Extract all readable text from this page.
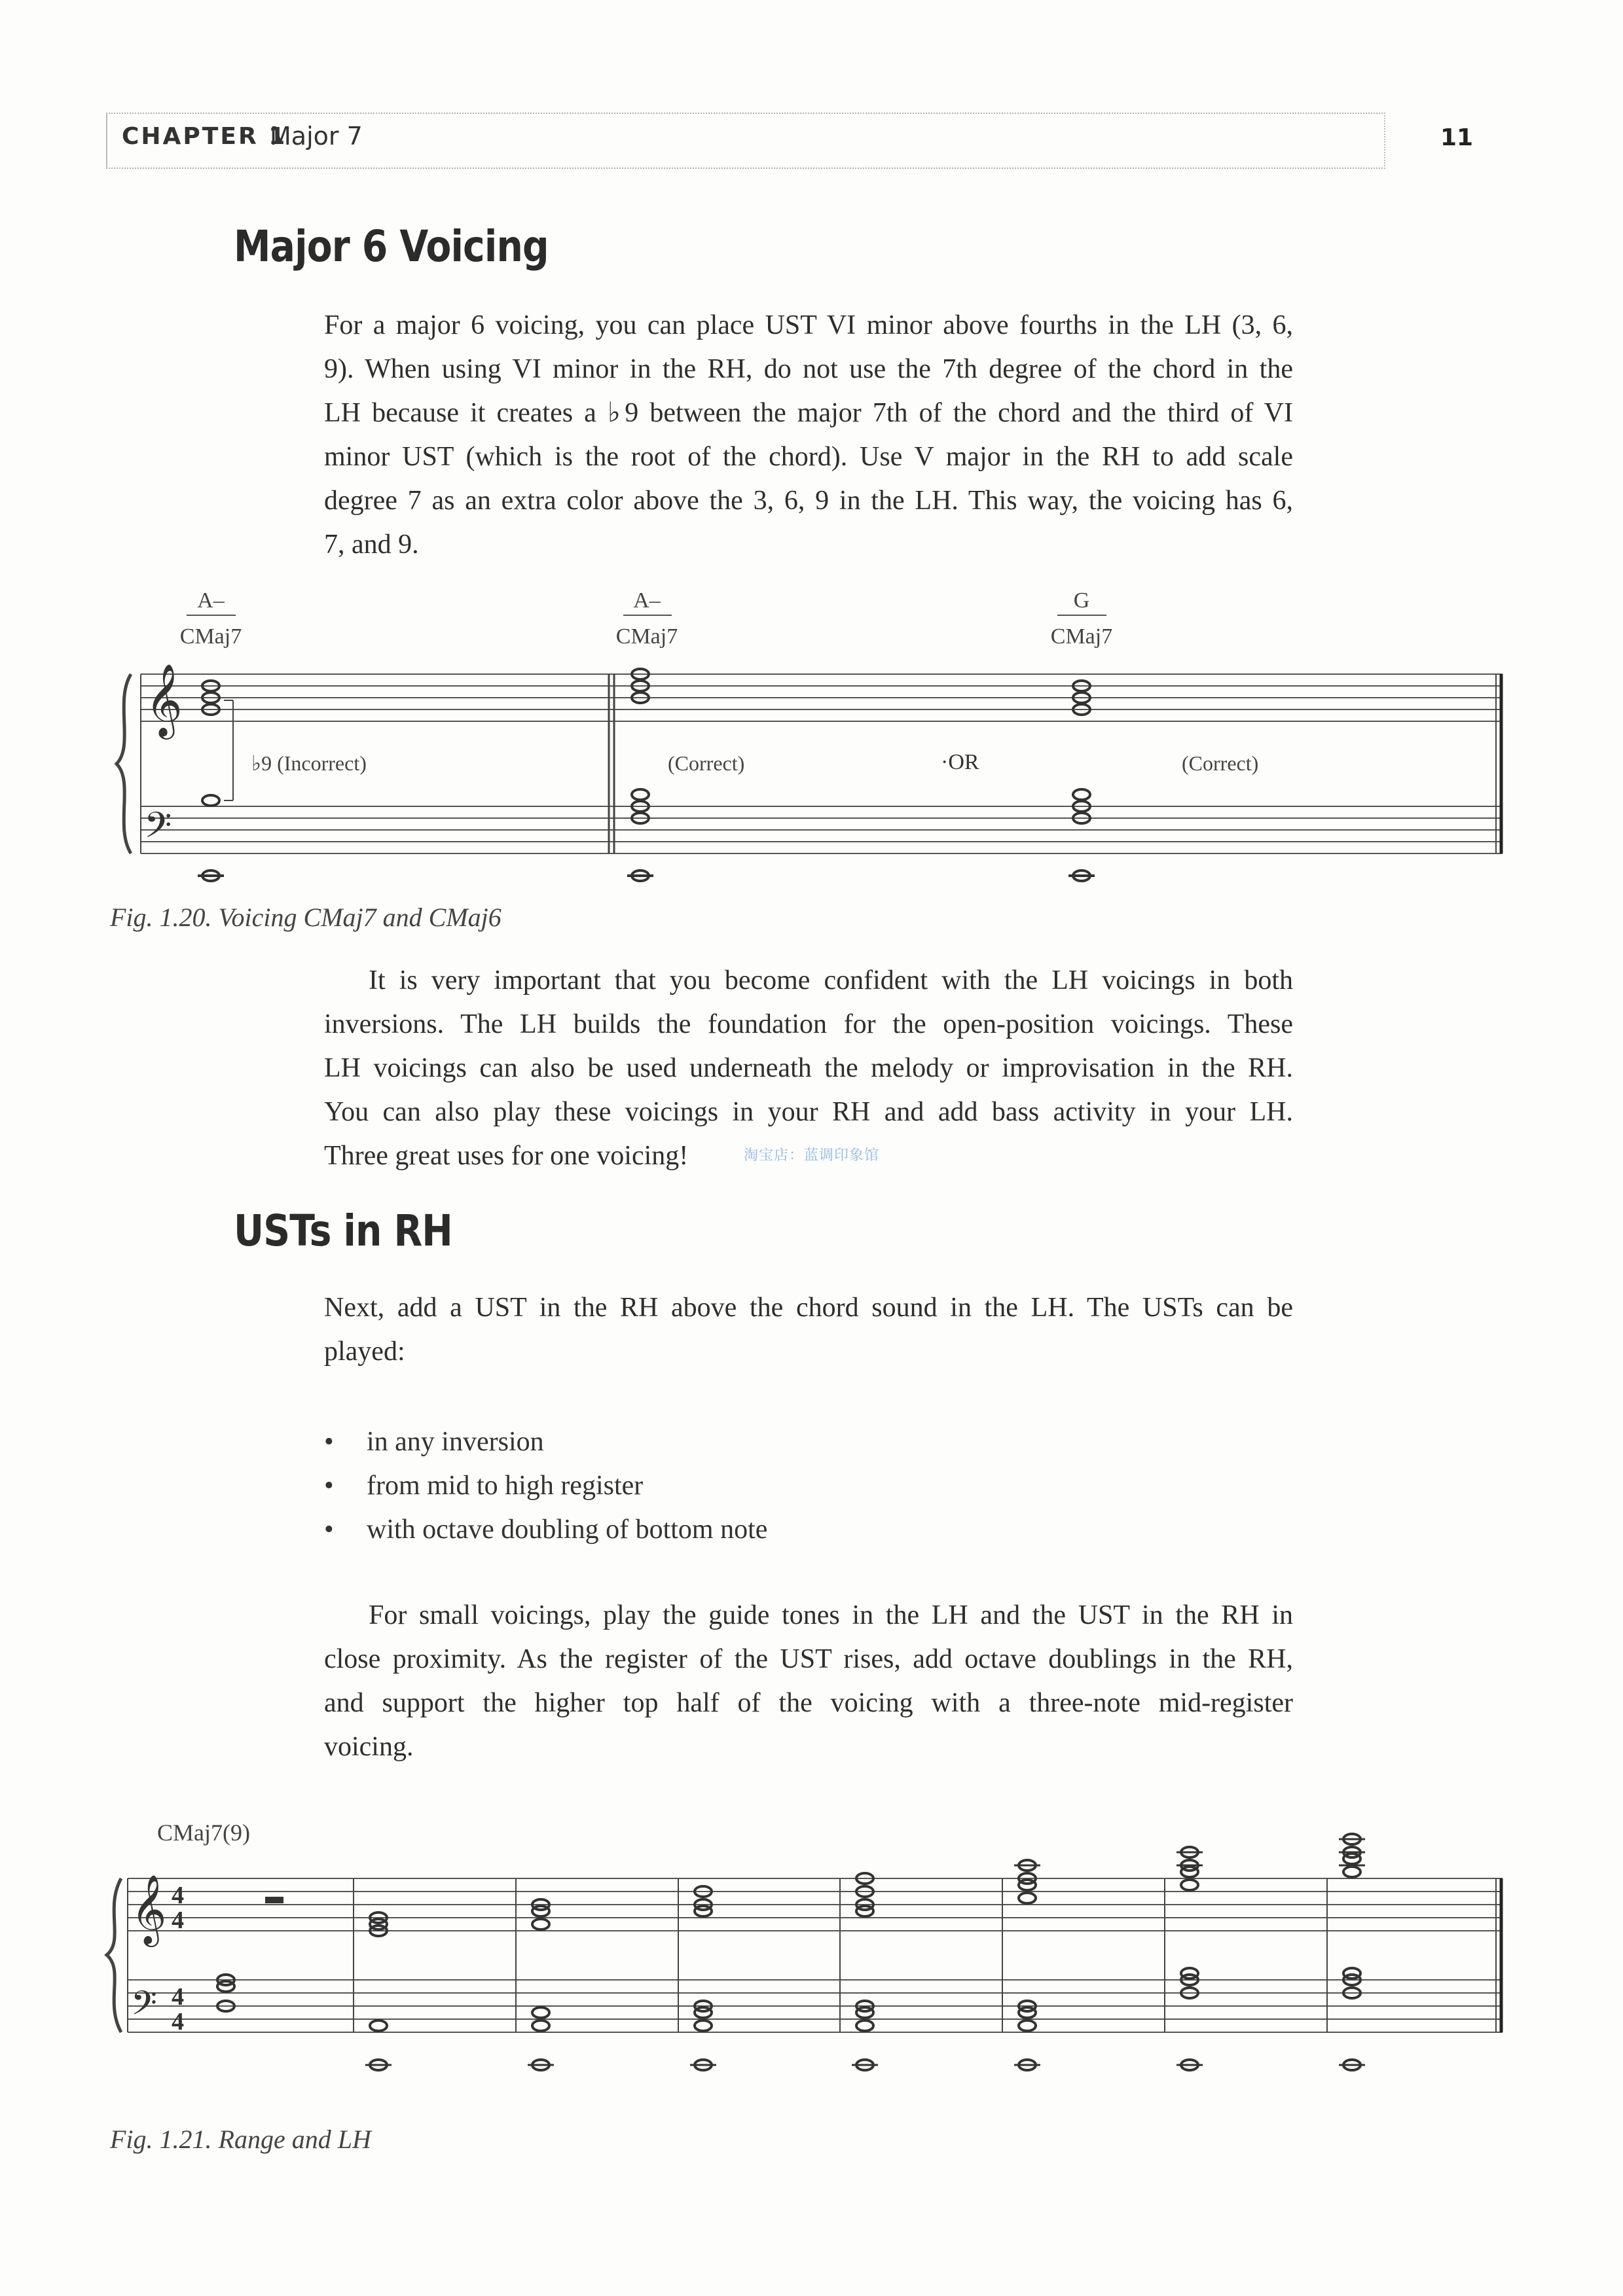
CHAPTER 1
Major 7	11
Major 6 Voicing
For a major 6 voicing, you can place UST VI minor above fourths in the LH (3, 6,
9). When using VI minor in the RH, do not use the 7th degree of the chord in the
LH because it creates a ♭9 between the major 7th of the chord and the third of VI
minor UST (which is the root of the chord). Use V major in the RH to add scale
degree 7 as an extra color above the 3, 6, 9 in the LH. This way, the voicing has 6,
7, and 9.
A–
CMaj7
A–
CMaj7
G
CMaj7
𝄞
𝄢
♭9 (Incorrect)	(Correct)	·OR	(Correct)
Fig. 1.20. Voicing CMaj7 and CMaj6
It is very important that you become confident with the LH voicings in both
inversions. The LH builds the foundation for the open-position voicings. These
LH voicings can also be used underneath the melody or improvisation in the RH.
You can also play these voicings in your RH and add bass activity in your LH.
Three great uses for one voicing!	淘宝店：蓝调印象馆
USTs in RH
Next, add a UST in the RH above the chord sound in the LH. The USTs can be
played:
• in any inversion
• from mid to high register
• with octave doubling of bottom note
For small voicings, play the guide tones in the LH and the UST in the RH in
close proximity. As the register of the UST rises, add octave doublings in the RH,
and support the higher top half of the voicing with a three-note mid-register
voicing.
CMaj7(9)
𝄞
𝄢
4
4
4
4
Fig. 1.21. Range and LH
